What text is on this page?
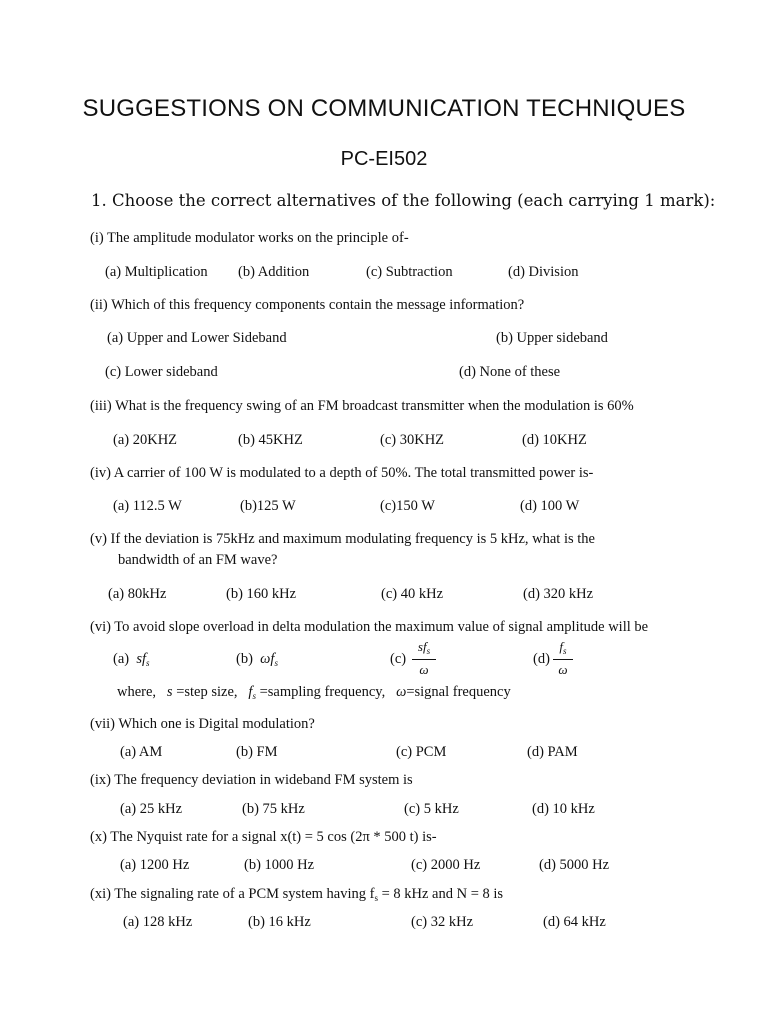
SUGGESTIONS ON COMMUNICATION TECHNIQUES
PC-EI502
1. Choose the correct alternatives of the following (each carrying 1 mark):
(i) The amplitude modulator works on the principle of-
(a) Multiplication (b) Addition	(c) Subtraction	(d) Division
(ii) Which of this frequency components contain the message information?
(a) Upper and Lower Sideband	(b) Upper sideband
(c) Lower sideband	(d) None of these
(iii) What is the frequency swing of an FM broadcast transmitter when the modulation is 60%
(a) 20KHZ	(b) 45KHZ	(c) 30KHZ	(d) 10KHZ
(iv) A carrier of 100 W is modulated to a depth of 50%. The total transmitted power is-
(a) 112.5 W	(b)125 W	(c)150 W	(d) 100 W
(v) If the deviation is 75kHz and maximum modulating frequency is 5 kHz, what is the
bandwidth of an FM wave?
(a) 80kHz	(b) 160 kHz	(c) 40 kHz	(d) 320 kHz
(vi) To avoid slope overload in delta modulation the maximum value of signal amplitude will be
(a)  $sf_s$	(b)  $\omega f_s$	(c)
$sf_s$
ω
$(d) \frac{f_s}{\omega}$
where,   s =step size,   $f_s$ =sampling frequency,   ω=signal frequency
(vii) Which one is Digital modulation?
(a) AM	(b) FM	(c) PCM	(d) PAM
(ix) The frequency deviation in wideband FM system is
(a) 25 kHz	(b) 75 kHz	(c) 5 kHz	(d) 10 kHz
(x) The Nyquist rate for a signal x(t) = 5 cos (2π * 500 t) is-
(a) 1200 Hz	(b) 1000 Hz	(c) 2000 Hz	(d) 5000 Hz
(xi) The signaling rate of a PCM system having $f_s = 8$ kHz and N = 8 is
(a) 128 kHz	(b) 16 kHz	(c) 32 kHz	(d) 64 kHz
